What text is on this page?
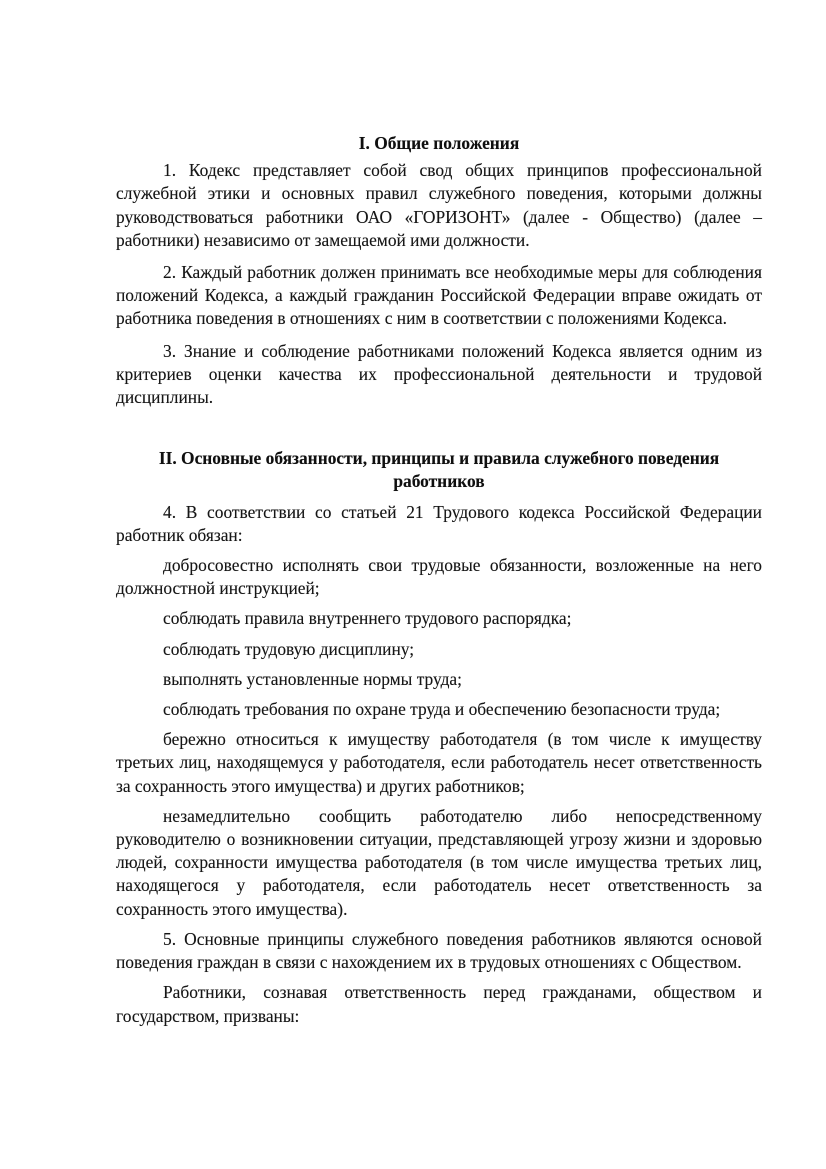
I. Общие положения

1. Кодекс представляет собой свод общих принципов профессиональной служебной этики и основных правил служебного поведения, которыми должны руководствоваться работники ОАО «ГОРИЗОНТ» (далее - Общество) (далее – работники) независимо от замещаемой ими должности.

2. Каждый работник должен принимать все необходимые меры для соблюдения положений Кодекса, а каждый гражданин Российской Федерации вправе ожидать от работника поведения в отношениях с ним в соответствии с положениями Кодекса.

3. Знание и соблюдение работниками положений Кодекса является одним из критериев оценки качества их профессиональной деятельности и трудовой дисциплины.

II. Основные обязанности, принципы и правила служебного поведения работников

4. В соответствии со статьей 21 Трудового кодекса Российской Федерации работник обязан:

добросовестно исполнять свои трудовые обязанности, возложенные на него должностной инструкцией;

соблюдать правила внутреннего трудового распорядка;

соблюдать трудовую дисциплину;

выполнять установленные нормы труда;

соблюдать требования по охране труда и обеспечению безопасности труда;

бережно относиться к имуществу работодателя (в том числе к имуществу третьих лиц, находящемуся у работодателя, если работодатель несет ответственность за сохранность этого имущества) и других работников;

незамедлительно сообщить работодателю либо непосредственному руководителю о возникновении ситуации, представляющей угрозу жизни и здоровью людей, сохранности имущества работодателя (в том числе имущества третьих лиц, находящегося у работодателя, если работодатель несет ответственность за сохранность этого имущества).

5. Основные принципы служебного поведения работников являются основой поведения граждан в связи с нахождением их в трудовых отношениях с Обществом.

Работники, сознавая ответственность перед гражданами, обществом и государством, призваны:
